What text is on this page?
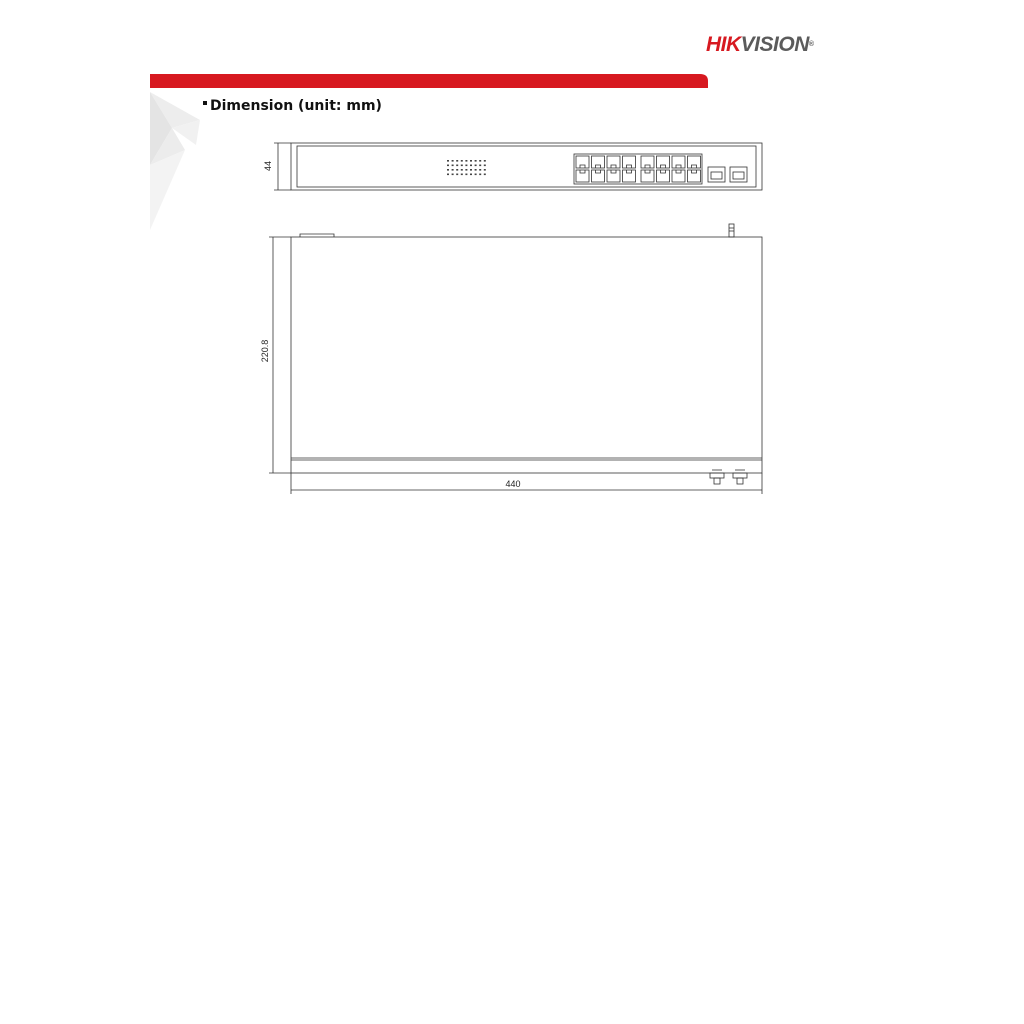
HIKVISION®
Dimension (unit: mm)
44
220.8
440
